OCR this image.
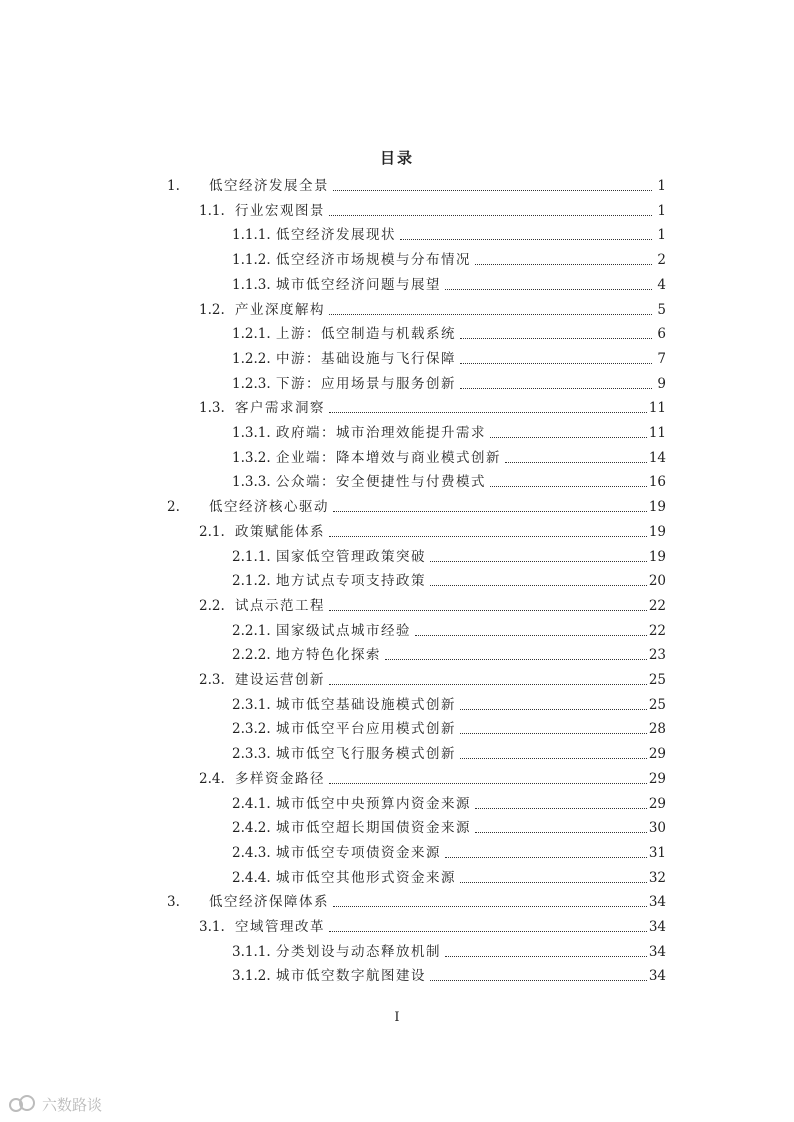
目录
1.	低空经济发展全景	1
1.1. 行业宏观图景	1
1.1.1. 低空经济发展现状	1
1.1.2. 低空经济市场规模与分布情况	2
1.1.3. 城市低空经济问题与展望	4
1.2. 产业深度解构	5
1.2.1. 上游：低空制造与机载系统	6
1.2.2. 中游：基础设施与飞行保障	7
1.2.3. 下游：应用场景与服务创新	9
1.3. 客户需求洞察	11
1.3.1. 政府端：城市治理效能提升需求	11
1.3.2. 企业端：降本增效与商业模式创新	14
1.3.3. 公众端：安全便捷性与付费模式	16
2.	低空经济核心驱动	19
2.1. 政策赋能体系	19
2.1.1. 国家低空管理政策突破	19
2.1.2. 地方试点专项支持政策	20
2.2. 试点示范工程	22
2.2.1. 国家级试点城市经验	22
2.2.2. 地方特色化探索	23
2.3. 建设运营创新	25
2.3.1. 城市低空基础设施模式创新	25
2.3.2. 城市低空平台应用模式创新	28
2.3.3. 城市低空飞行服务模式创新	29
2.4. 多样资金路径	29
2.4.1. 城市低空中央预算内资金来源	29
2.4.2. 城市低空超长期国债资金来源	30
2.4.3. 城市低空专项债资金来源	31
2.4.4. 城市低空其他形式资金来源	32
3.	低空经济保障体系	34
3.1. 空域管理改革	34
3.1.1. 分类划设与动态释放机制	34
3.1.2. 城市低空数字航图建设	34
I
六数路谈
